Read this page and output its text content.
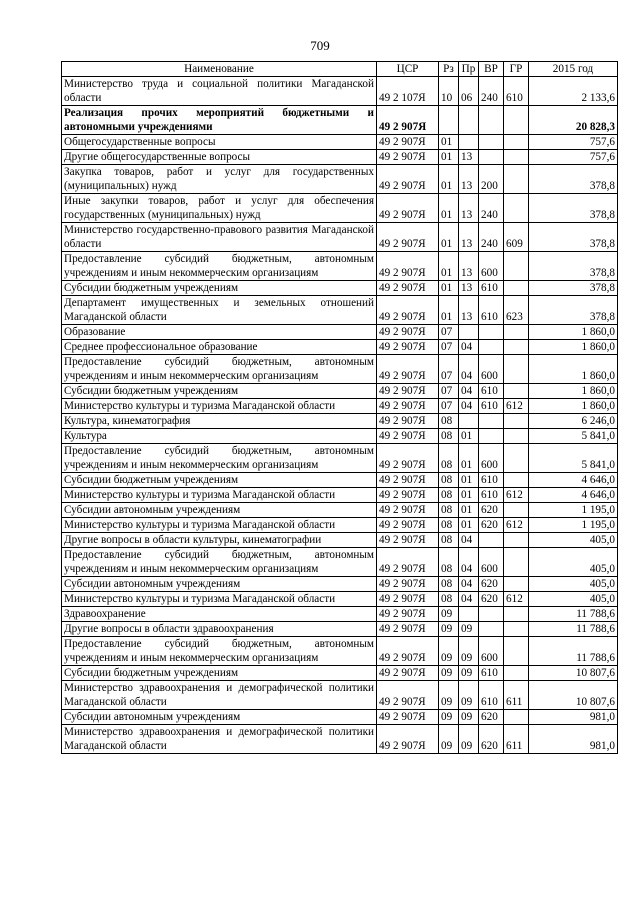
709
Наименование	ЦСР	Рз	Пр	ВР	ГР	2015 год
Министерство труда и социальной политики Магаданской области	49 2 107Я	10	06	240	610	2 133,6
Реализация прочих мероприятий бюджетными и автономными учреждениями	49 2 907Я					20 828,3
Общегосударственные вопросы	49 2 907Я	01				757,6
Другие общегосударственные вопросы	49 2 907Я	01	13			757,6
Закупка товаров, работ и услуг для государственных (муниципальных) нужд	49 2 907Я	01	13	200		378,8
Иные закупки товаров, работ и услуг для обеспечения государственных (муниципальных) нужд	49 2 907Я	01	13	240		378,8
Министерство государственно-правового развития Магаданской области	49 2 907Я	01	13	240	609	378,8
Предоставление субсидий бюджетным, автономным учреждениям и иным некоммерческим организациям	49 2 907Я	01	13	600		378,8
Субсидии бюджетным учреждениям	49 2 907Я	01	13	610		378,8
Департамент имущественных и земельных отношений Магаданской области	49 2 907Я	01	13	610	623	378,8
Образование	49 2 907Я	07				1 860,0
Среднее профессиональное образование	49 2 907Я	07	04			1 860,0
Предоставление субсидий бюджетным, автономным учреждениям и иным некоммерческим организациям	49 2 907Я	07	04	600		1 860,0
Субсидии бюджетным учреждениям	49 2 907Я	07	04	610		1 860,0
Министерство культуры и туризма Магаданской области	49 2 907Я	07	04	610	612	1 860,0
Культура, кинематография	49 2 907Я	08				6 246,0
Культура	49 2 907Я	08	01			5 841,0
Предоставление субсидий бюджетным, автономным учреждениям и иным некоммерческим организациям	49 2 907Я	08	01	600		5 841,0
Субсидии бюджетным учреждениям	49 2 907Я	08	01	610		4 646,0
Министерство культуры и туризма Магаданской области	49 2 907Я	08	01	610	612	4 646,0
Субсидии автономным учреждениям	49 2 907Я	08	01	620		1 195,0
Министерство культуры и туризма Магаданской области	49 2 907Я	08	01	620	612	1 195,0
Другие вопросы в области культуры, кинематографии	49 2 907Я	08	04			405,0
Предоставление субсидий бюджетным, автономным учреждениям и иным некоммерческим организациям	49 2 907Я	08	04	600		405,0
Субсидии автономным учреждениям	49 2 907Я	08	04	620		405,0
Министерство культуры и туризма Магаданской области	49 2 907Я	08	04	620	612	405,0
Здравоохранение	49 2 907Я	09				11 788,6
Другие вопросы в области здравоохранения	49 2 907Я	09	09			11 788,6
Предоставление субсидий бюджетным, автономным учреждениям и иным некоммерческим организациям	49 2 907Я	09	09	600		11 788,6
Субсидии бюджетным учреждениям	49 2 907Я	09	09	610		10 807,6
Министерство здравоохранения и демографической политики Магаданской области	49 2 907Я	09	09	610	611	10 807,6
Субсидии автономным учреждениям	49 2 907Я	09	09	620		981,0
Министерство здравоохранения и демографической политики Магаданской области	49 2 907Я	09	09	620	611	981,0
